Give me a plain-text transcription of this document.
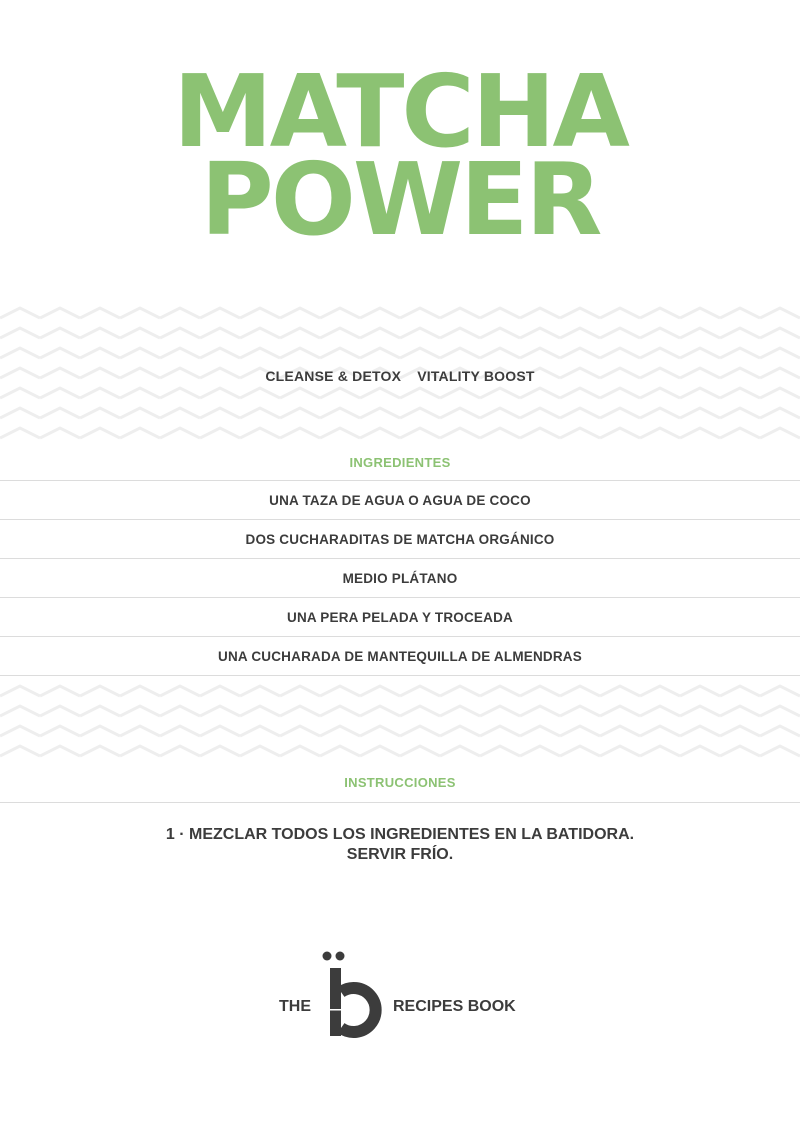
MATCHA
POWER
CLEANSE & DETOX VITALITY BOOST
INGREDIENTES
UNA TAZA DE AGUA O AGUA DE COCO
DOS CUCHARADITAS DE MATCHA ORGÁNICO
MEDIO PLÁTANO
UNA PERA PELADA Y TROCEADA
UNA CUCHARADA DE MANTEQUILLA DE ALMENDRAS
INSTRUCCIONES
1 · MEZCLAR TODOS LOS INGREDIENTES EN LA BATIDORA.
SERVIR FRÍO.
THE	RECIPES BOOK
